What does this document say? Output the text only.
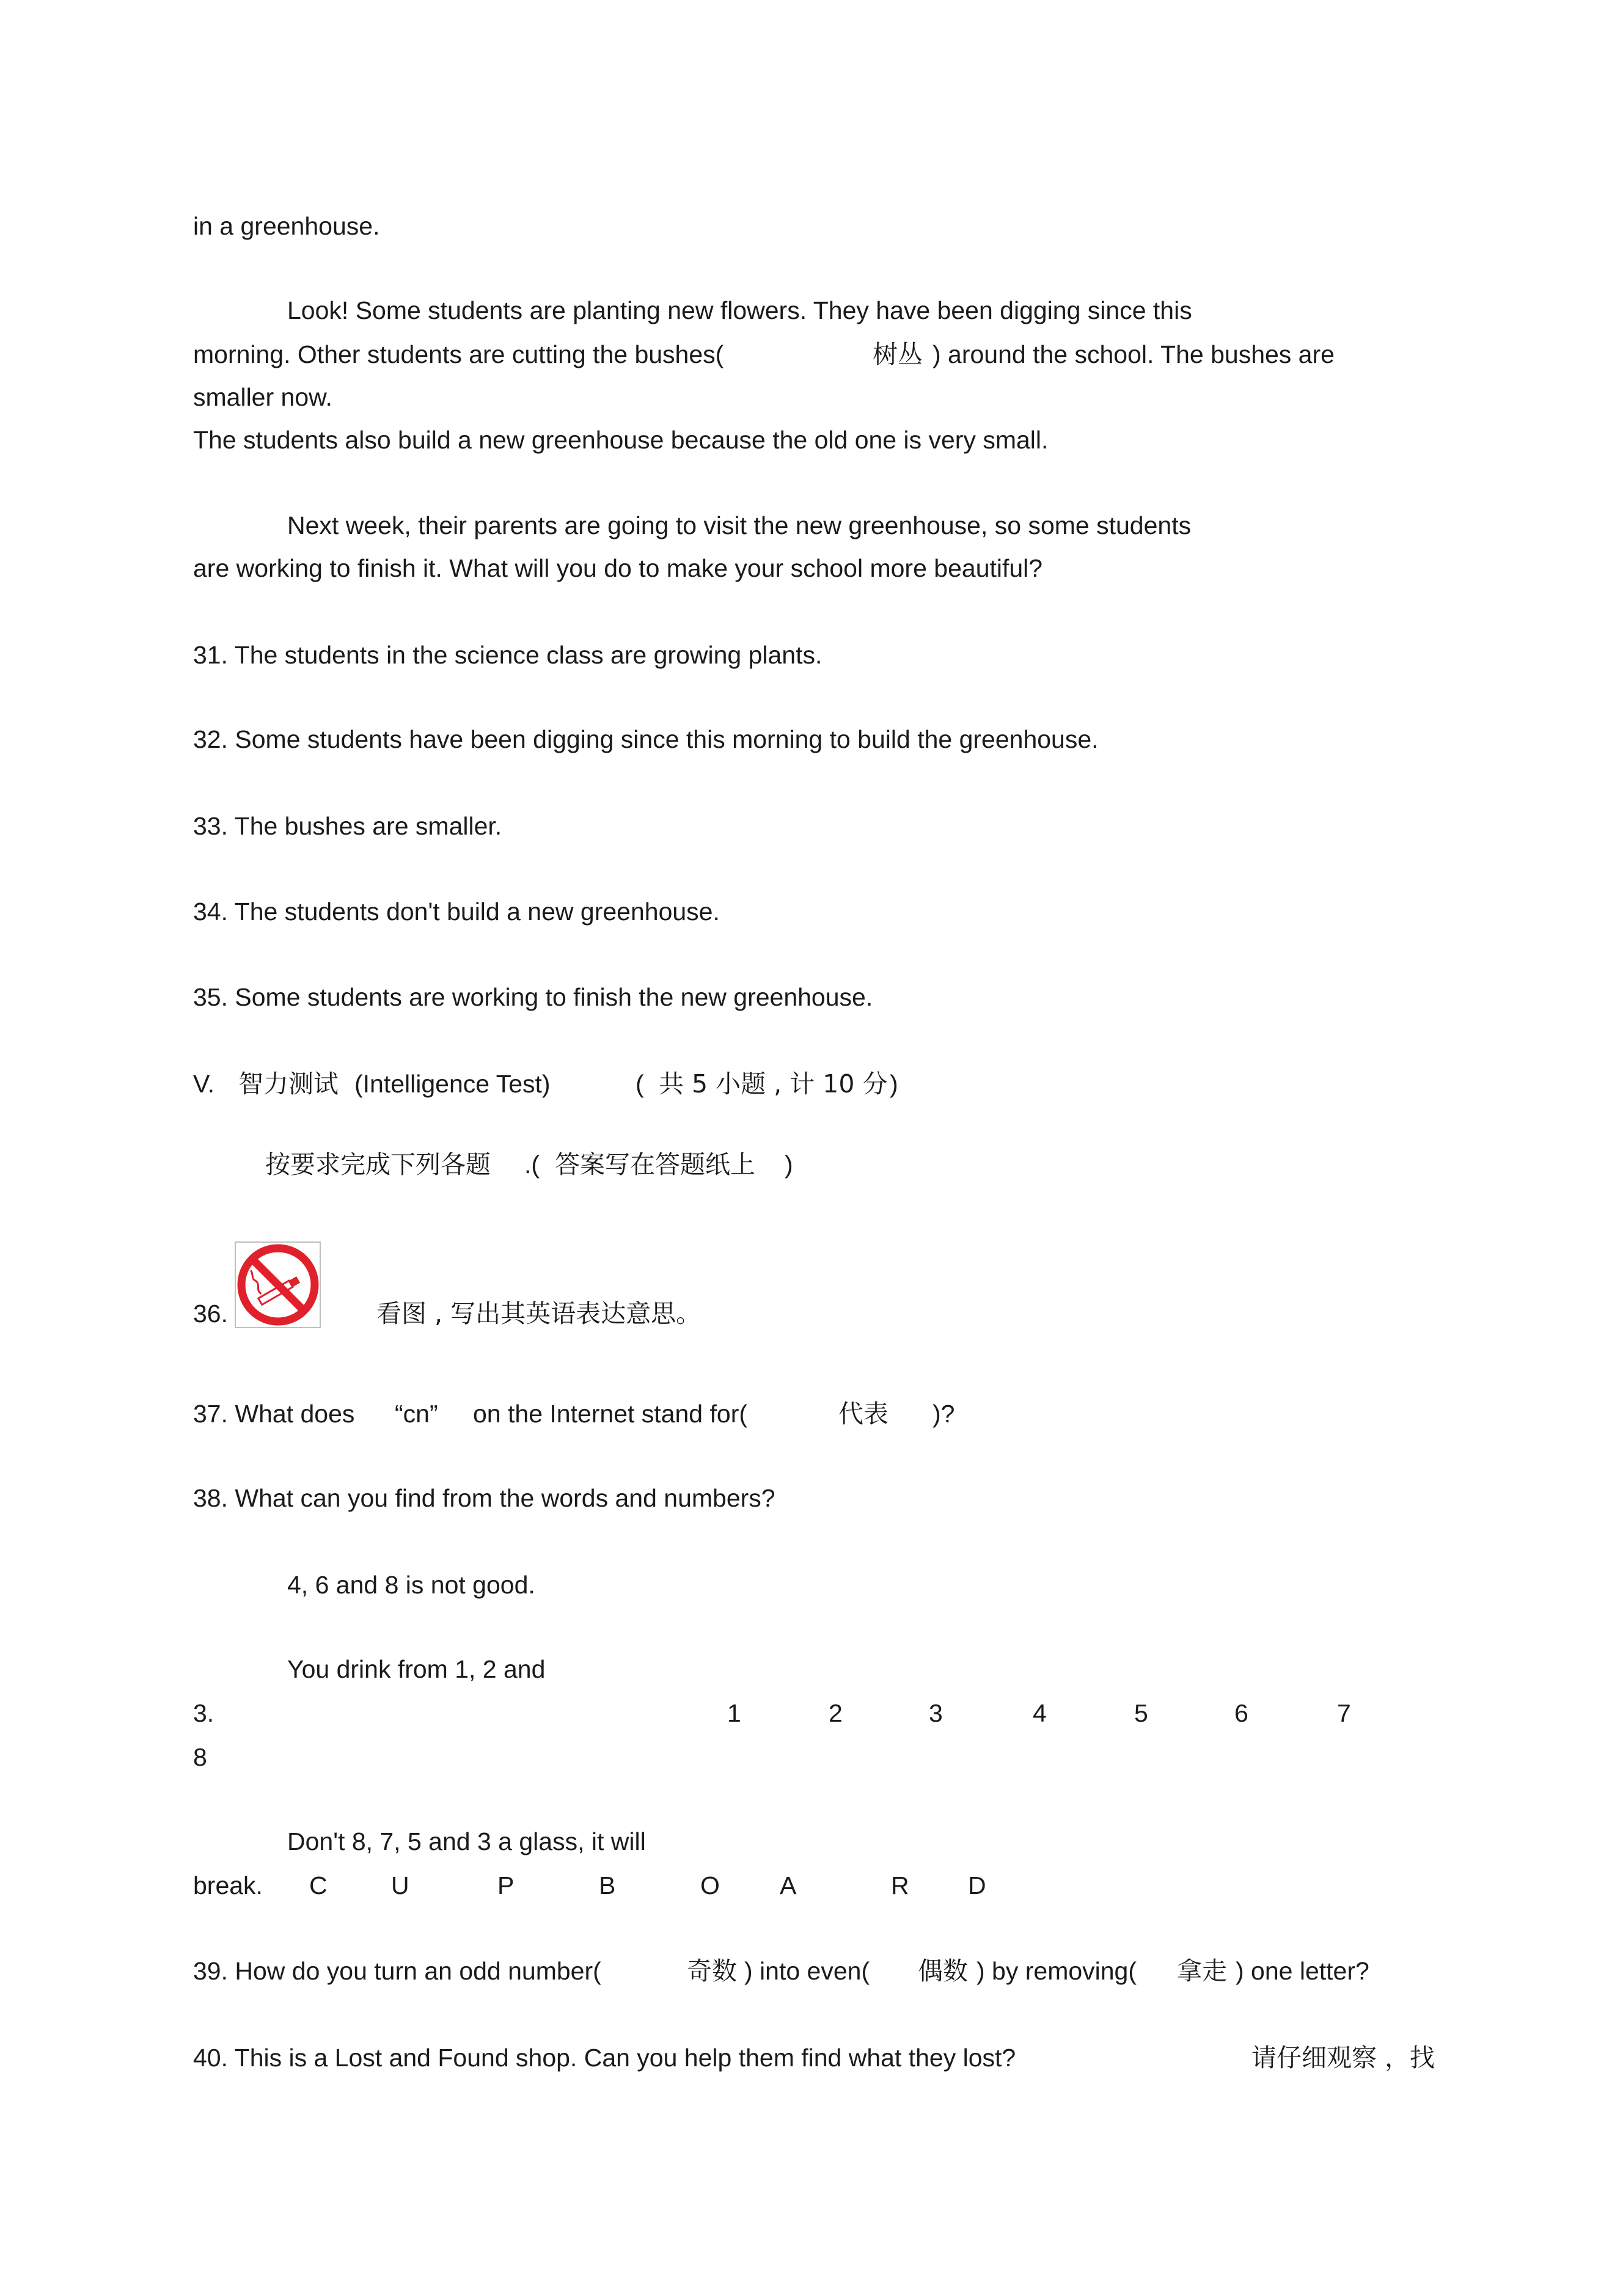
in a greenhouse.
Look! Some students are planting new flowers. They have been digging since this
morning. Other students are cutting the bushes(	树丛 ) around the school. The bushes are
smaller now.
The students also build a new greenhouse because the old one is very small.
Next week, their parents are going to visit the new greenhouse, so some students
are working to finish it. What will you do to make your school more beautiful?
31. The students in the science class are growing plants.
32. Some students have been digging since this morning to build the greenhouse.
33. The bushes are smaller.
34. The students don't build a new greenhouse.
35. Some students are working to finish the new greenhouse.
V. 智力测试 (Intelligence Test)	( 共 5 小题 , 计 10 分 )
按要求完成下列各题 .( 答案写在答题纸上 )
36.	看图 , 写出其英语表达意思。
37. What does “cn” on the Internet stand for(	代表 )?
38. What can you find from the words and numbers?
4, 6 and 8 is not good.
You drink from 1, 2 and
3.	1	2	3	4	5	6	7
8
Don't 8, 7, 5 and 3 a glass, it will
break. C	U	P	B	O A	R D
39. How do you turn an odd number(	奇数 ) into even( 偶数 ) by removing( 拿走 ) one letter?
40. This is a Lost and Found shop. Can you help them find what they lost?	请仔细观察 ，找
